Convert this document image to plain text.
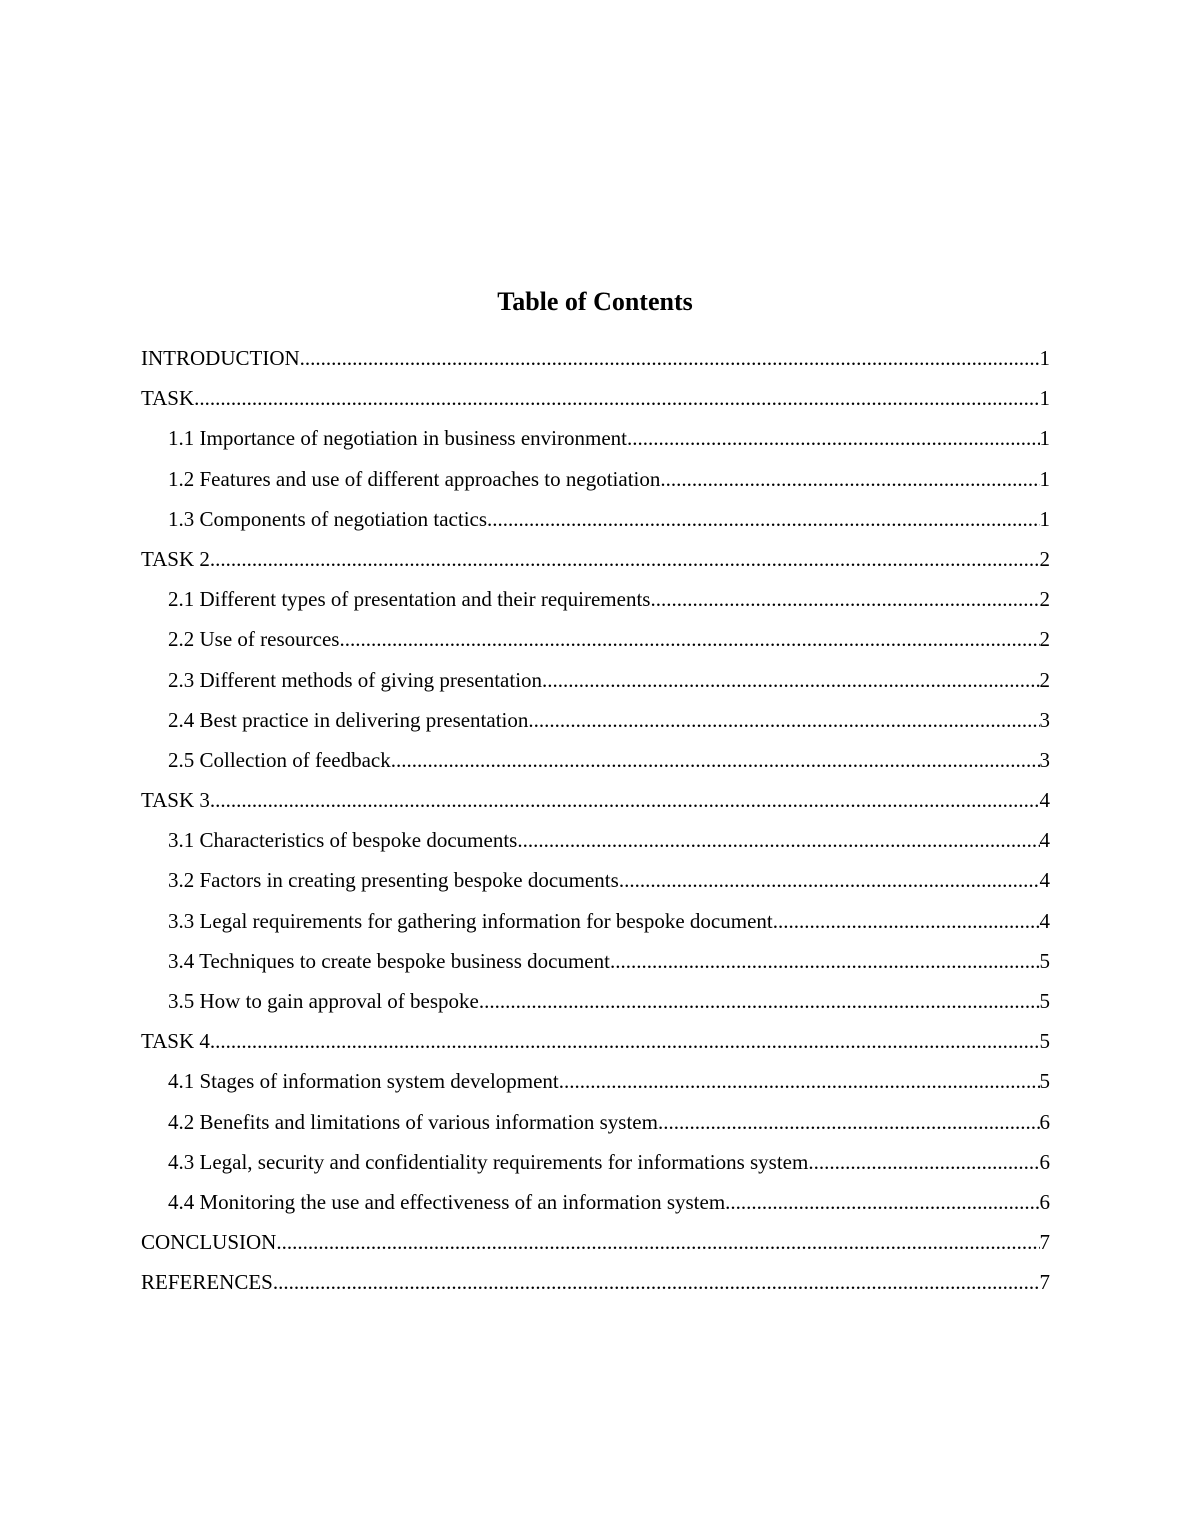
Table of Contents
INTRODUCTION .....	1
TASK .....	1
1.1 Importance of negotiation in business environment .....	1
1.2 Features and use of different approaches to negotiation .....	1
1.3 Components of negotiation tactics .....	1
TASK 2 .....	2
2.1 Different types of presentation and their requirements .....	2
2.2 Use of resources .....	2
2.3 Different methods of giving presentation .....	2
2.4 Best practice in delivering presentation .....	3
2.5 Collection of feedback .....	3
TASK 3 .....	4
3.1 Characteristics of bespoke documents .....	4
3.2 Factors in creating presenting bespoke documents .....	4
3.3 Legal requirements for gathering information for bespoke document .....	4
3.4 Techniques to create bespoke business document .....	5
3.5 How to gain approval of bespoke .....	5
TASK 4 .....	5
4.1 Stages of information system development .....	5
4.2 Benefits and limitations of various information system .....	6
4.3 Legal, security and confidentiality requirements for informations system .....	6
4.4 Monitoring the use and effectiveness of an information system .....	6
CONCLUSION .....	7
REFERENCES .....	7
